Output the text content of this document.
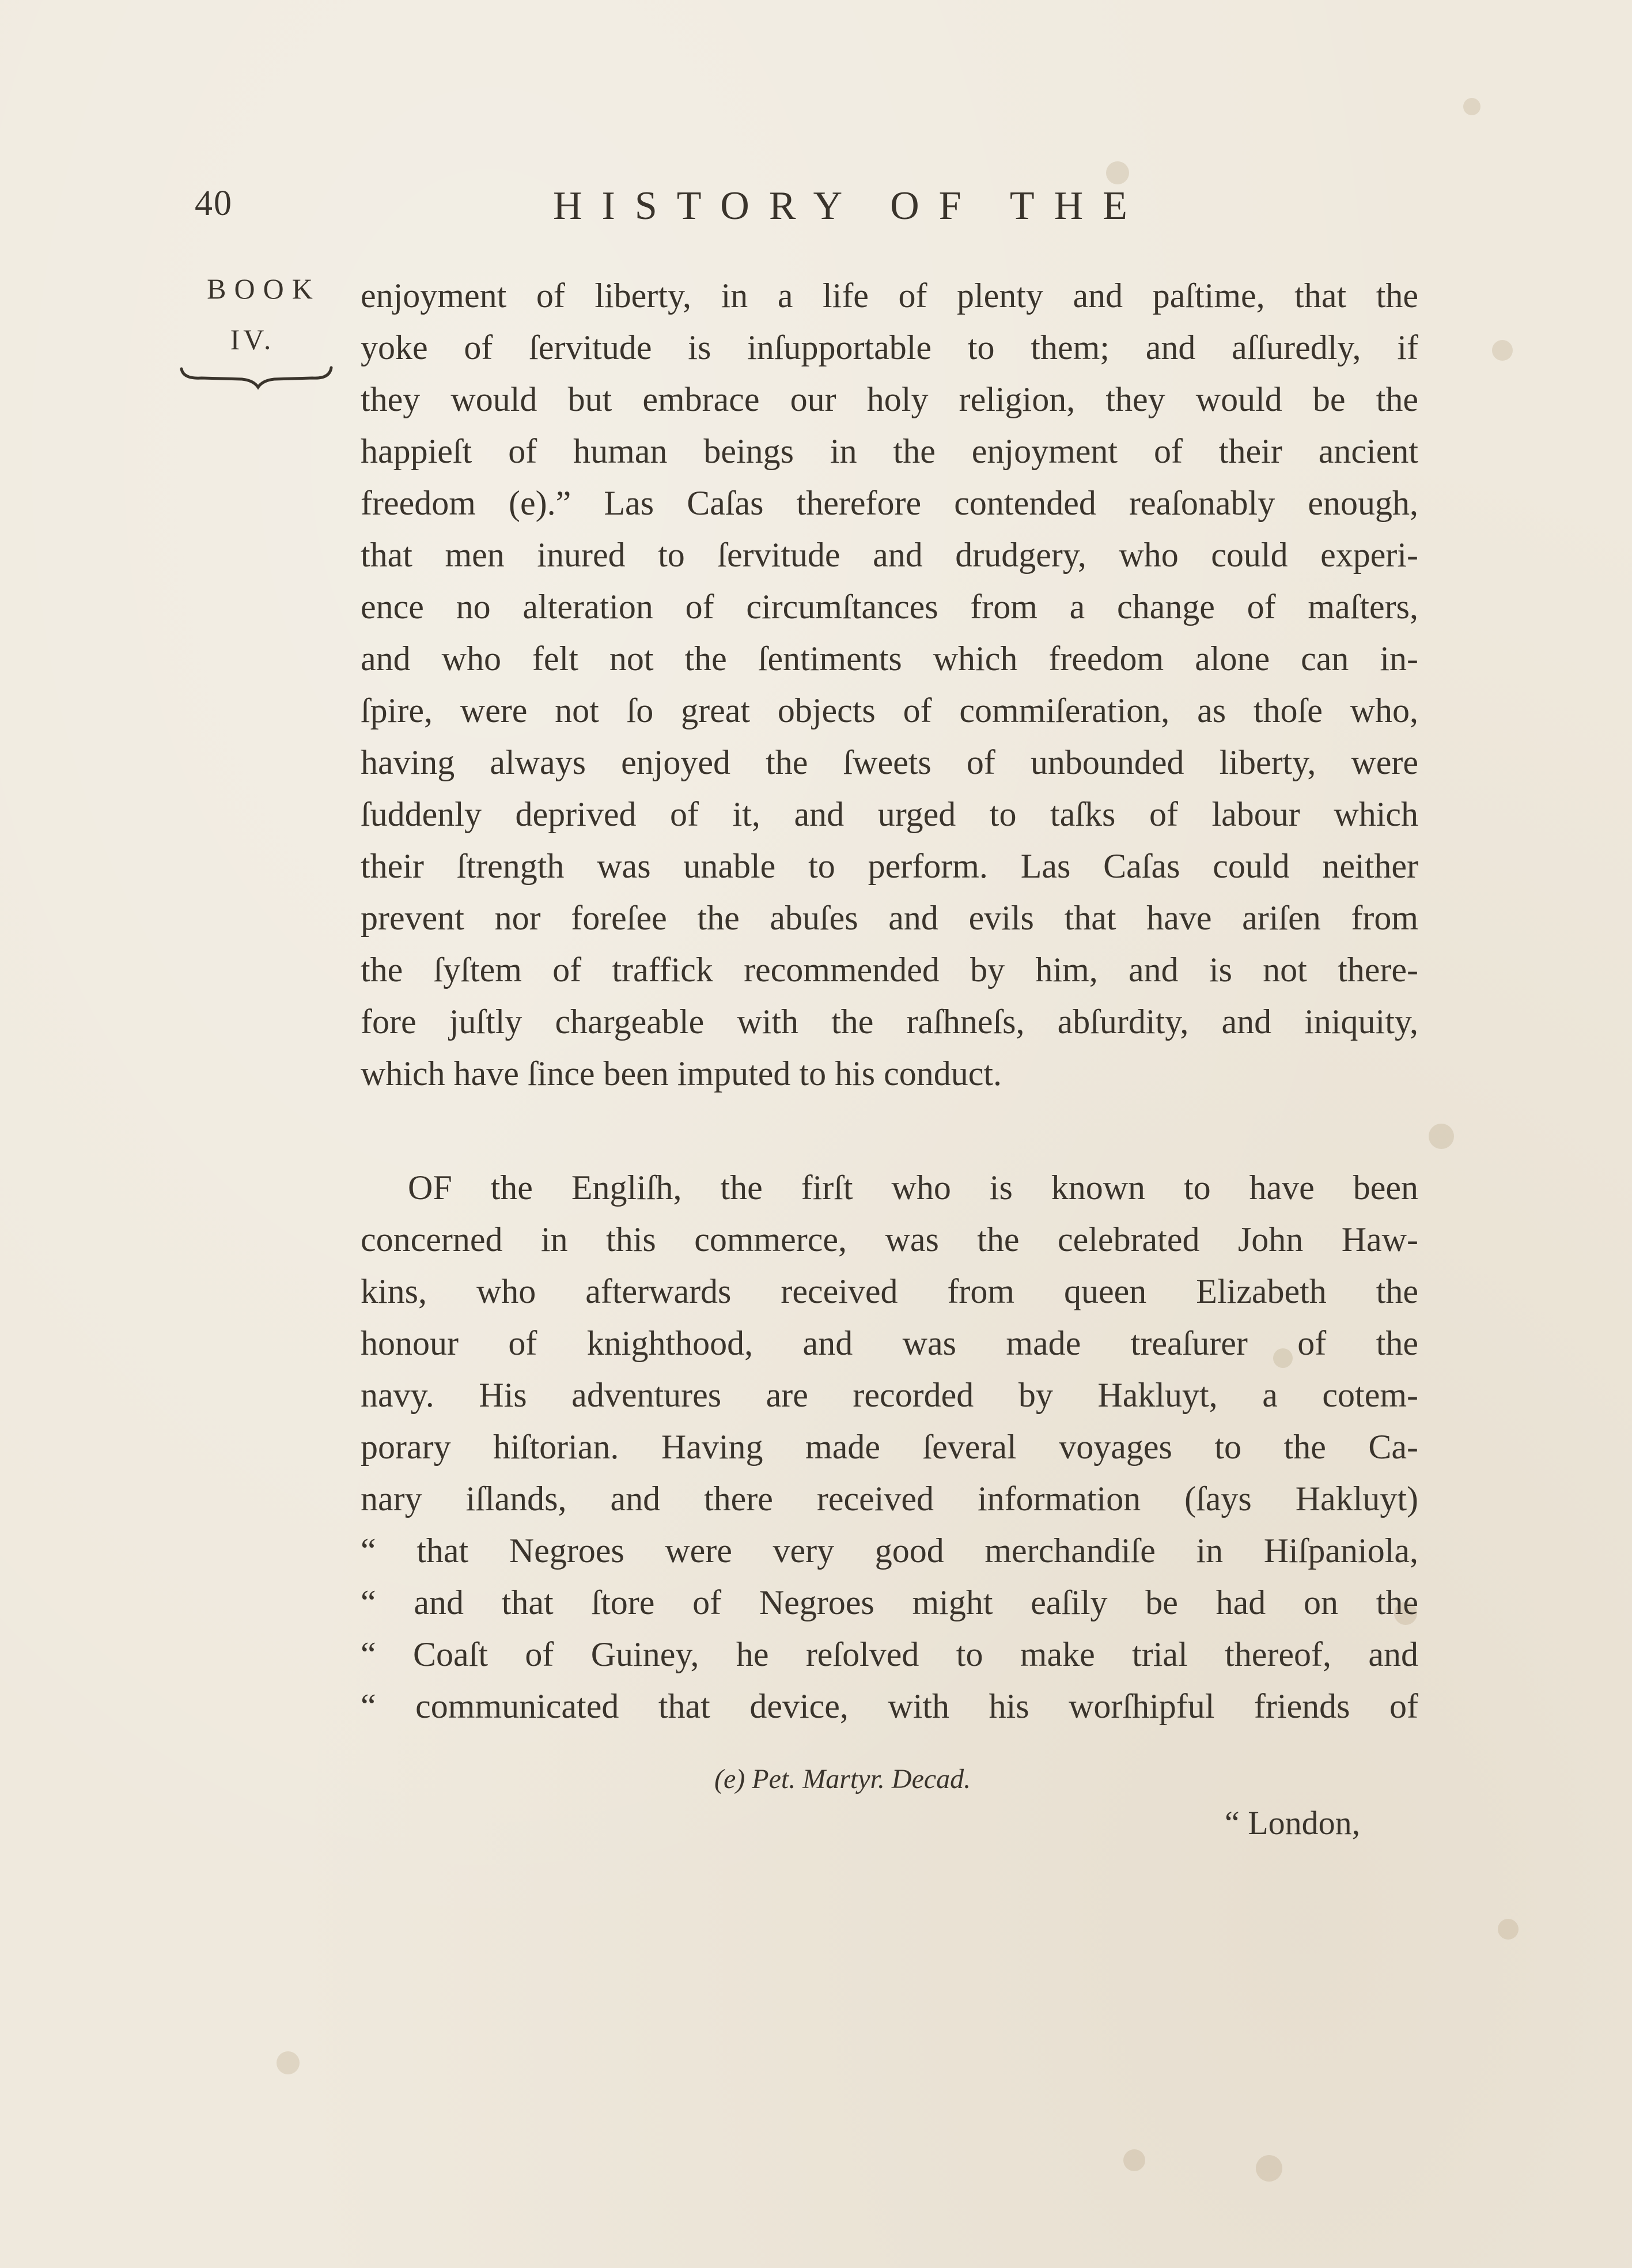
40	HISTORY OF THE
BOOK
IV.
enjoyment of liberty, in a life of plenty and paſtime, that the
yoke of ſervitude is inſupportable to them; and aſſuredly, if
they would but embrace our holy religion, they would be the
happieſt of human beings in the enjoyment of their ancient
freedom (e).” Las Caſas therefore contended reaſonably enough,
that men inured to ſervitude and drudgery, who could experi-
ence no alteration of circumſtances from a change of maſters,
and who felt not the ſentiments which freedom alone can in-
ſpire, were not ſo great objects of commiſeration, as thoſe who,
having always enjoyed the ſweets of unbounded liberty, were
ſuddenly deprived of it, and urged to taſks of labour which
their ſtrength was unable to perform. Las Caſas could neither
prevent nor foreſee the abuſes and evils that have ariſen from
the ſyſtem of traffick recommended by him, and is not there-
fore juſtly chargeable with the raſhneſs, abſurdity, and iniquity,
which have ſince been imputed to his conduct.
OF the Engliſh, the firſt who is known to have been
concerned in this commerce, was the celebrated John Haw-
kins, who afterwards received from queen Elizabeth the
honour of knighthood, and was made treaſurer of the
navy. His adventures are recorded by Hakluyt, a cotem-
porary hiſtorian. Having made ſeveral voyages to the Ca-
nary iſlands, and there received information (ſays Hakluyt)
“ that Negroes were very good merchandiſe in Hiſpaniola,
“ and that ſtore of Negroes might eaſily be had on the
“ Coaſt of Guiney, he reſolved to make trial thereof, and
“ communicated that device, with his worſhipful friends of
(e) Pet. Martyr. Decad.
“ London,
